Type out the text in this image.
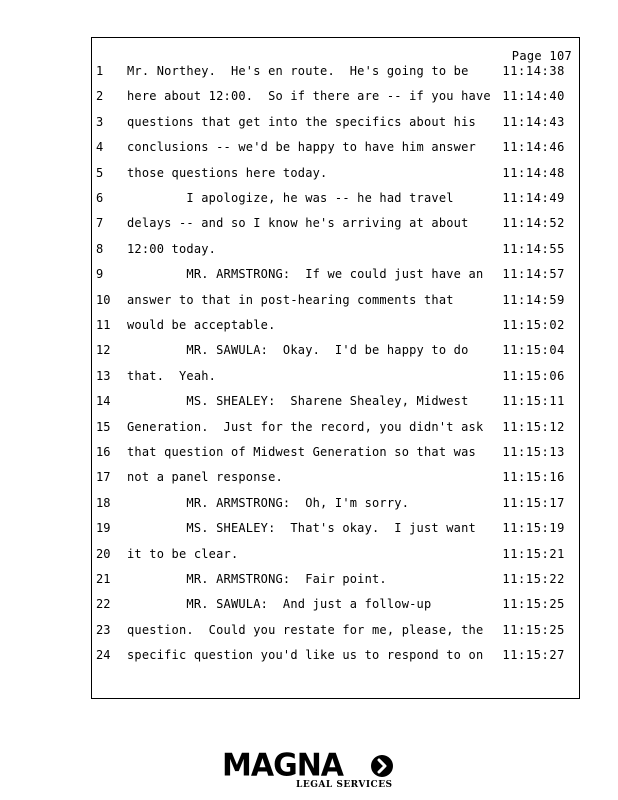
Page 107
1	Mr. Northey.  He's en route.  He's going to be	11:14:38
2	here about 12:00.  So if there are -- if you have 11:14:40
3	questions that get into the specifics about his 11:14:43
4	conclusions -- we'd be happy to have him answer 11:14:46
5	those questions here today.	11:14:48
6	I apologize, he was -- he had travel	11:14:49
7	delays -- and so I know he's arriving at about	11:14:52
8	12:00 today.	11:14:55
9	MR. ARMSTRONG:  If we could just have an 11:14:57
10	answer to that in post-hearing comments that	11:14:59
11	would be acceptable.	11:15:02
12	MR. SAWULA:  Okay.  I'd be happy to do	11:15:04
13	that.  Yeah.	11:15:06
14	MS. SHEALEY:  Sharene Shealey, Midwest	11:15:11
15	Generation.  Just for the record, you didn't ask 11:15:12
16	that question of Midwest Generation so that was 11:15:13
17	not a panel response.	11:15:16
18	MR. ARMSTRONG:  Oh, I'm sorry.	11:15:17
19	MS. SHEALEY:  That's okay.  I just want 11:15:19
20	it to be clear.	11:15:21
21	MR. ARMSTRONG:  Fair point.	11:15:22
22	MR. SAWULA:  And just a follow-up	11:15:25
23	question.  Could you restate for me, please, the 11:15:25
24	specific question you'd like us to respond to on 11:15:27
MAGNA
LEGAL SERVICES
